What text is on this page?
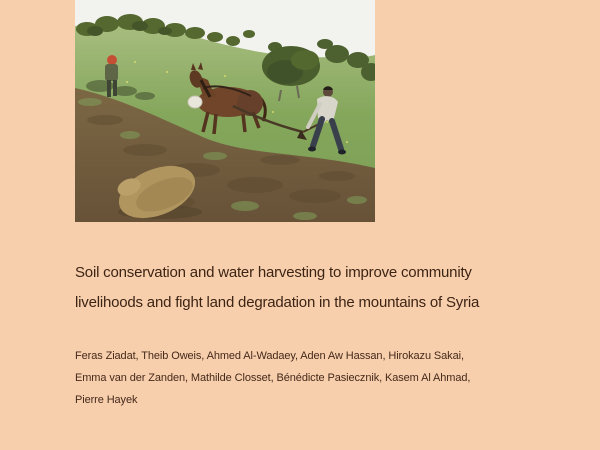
Soil conservation and water harvesting to improve community
livelihoods and fight land degradation in the mountains of Syria
Feras Ziadat, Theib Oweis, Ahmed Al-Wadaey, Aden Aw Hassan, Hirokazu Sakai,
Emma van der Zanden, Mathilde Closset, Bénédicte Pasiecznik, Kasem Al Ahmad,
Pierre Hayek
